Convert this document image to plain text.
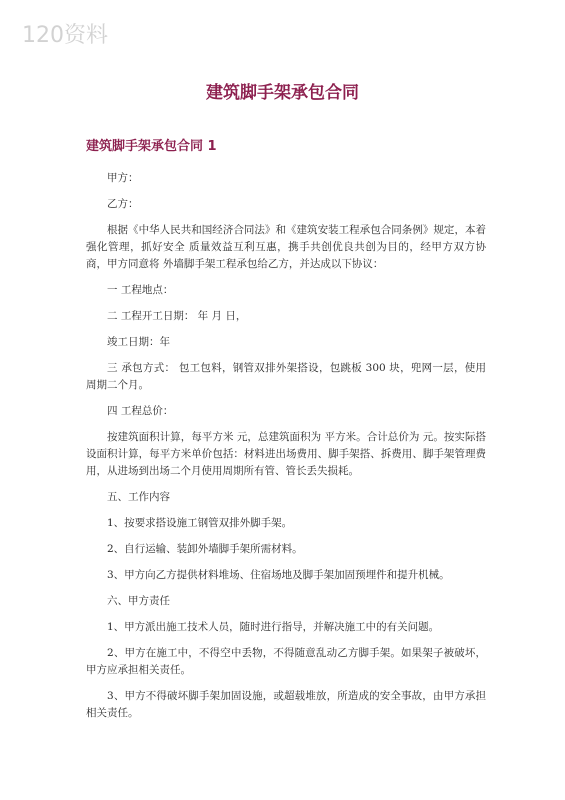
120资料
建筑脚手架承包合同
建筑脚手架承包合同 1

甲方：

乙方：

根据《中华人民共和国经济合同法》和《建筑安装工程承包合同条例》规定，本着强化管理，抓好安全 质量效益互利互惠，携手共创优良共创为目的，经甲方双方协商，甲方同意将 外墙脚手架工程承包给乙方，并达成以下协议：

一 工程地点：

二 工程开工日期： 年 月 日，

竣工日期：年

三 承包方式： 包工包料，钢管双排外架搭设，包跳板 300 块，兜网一层，使用周期二个月。

四 工程总价：

按建筑面积计算，每平方米 元，总建筑面积为 平方米。合计总价为 元。按实际搭设面积计算，每平方米单价包括：材料进出场费用、脚手架搭、拆费用、脚手架管理费用，从进场到出场二个月使用周期所有管、管长丢失损耗。

五、工作内容

1、按要求搭设施工钢管双排外脚手架。

2、自行运输、装卸外墙脚手架所需材料。

3、甲方向乙方提供材料堆场、住宿场地及脚手架加固预埋件和提升机械。

六、甲方责任

1、甲方派出施工技术人员，随时进行指导，并解决施工中的有关问题。

2、甲方在施工中，不得空中丢物，不得随意乱动乙方脚手架。如果架子被破坏，甲方应承担相关责任。

3、甲方不得破坏脚手架加固设施，或超载堆放，所造成的安全事故，由甲方承担相关责任。
